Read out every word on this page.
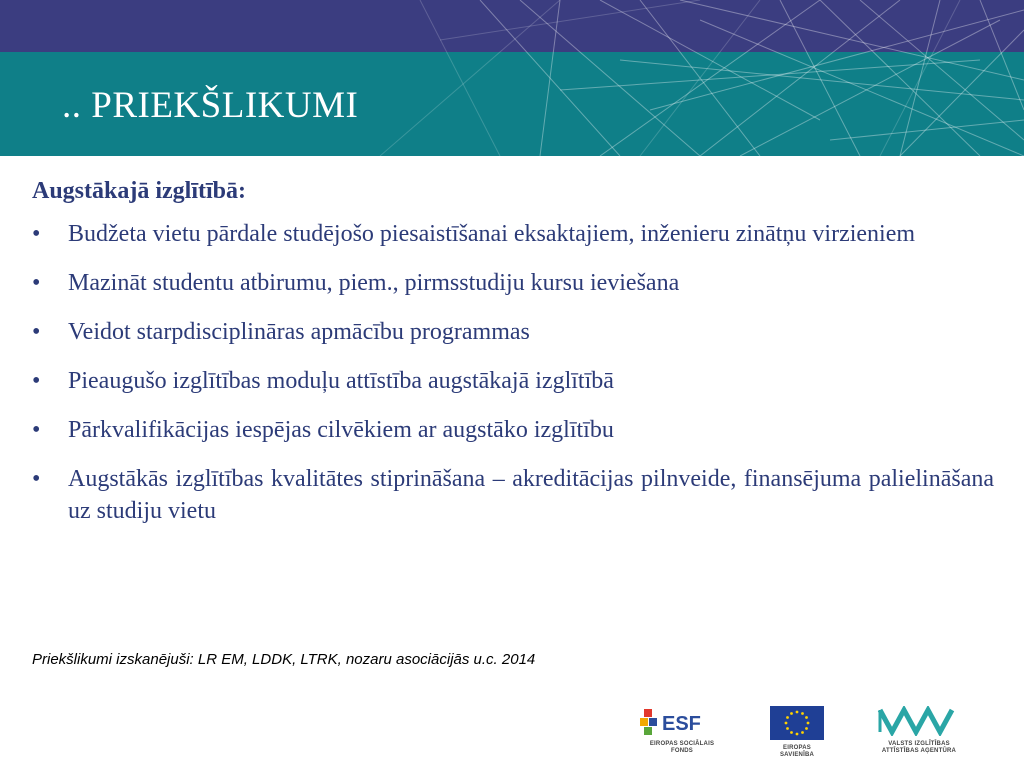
.. PRIEKŠLIKUMI
Augstākajā izglītībā:
•	Budžeta vietu pārdale studējošo piesaistīšanai eksaktajiem, inženieru zinātņu virzieniem
•	Mazināt studentu atbirumu, piem., pirmsstudiju kursu ieviešana
•	Veidot starpdisciplināras apmācību programmas
•	Pieaugušo izglītības moduļu attīstība augstākajā izglītībā
•	Pārkvalifikācijas iespējas cilvēkiem ar augstāko izglītību
•	Augstākās izglītības kvalitātes stiprināšana – akreditācijas pilnveide, finansējuma palielināšana uz studiju vietu
Priekšlikumi izskanējuši: LR EM, LDDK, LTRK, nozaru asociācijās u.c. 2014
ESF
EIROPAS SOCIĀLAIS
FONDS	EIROPAS SAVIENĪBA
VALSTS IZGLĪTĪBAS
ATTĪSTĪBAS AĢENTŪRA
